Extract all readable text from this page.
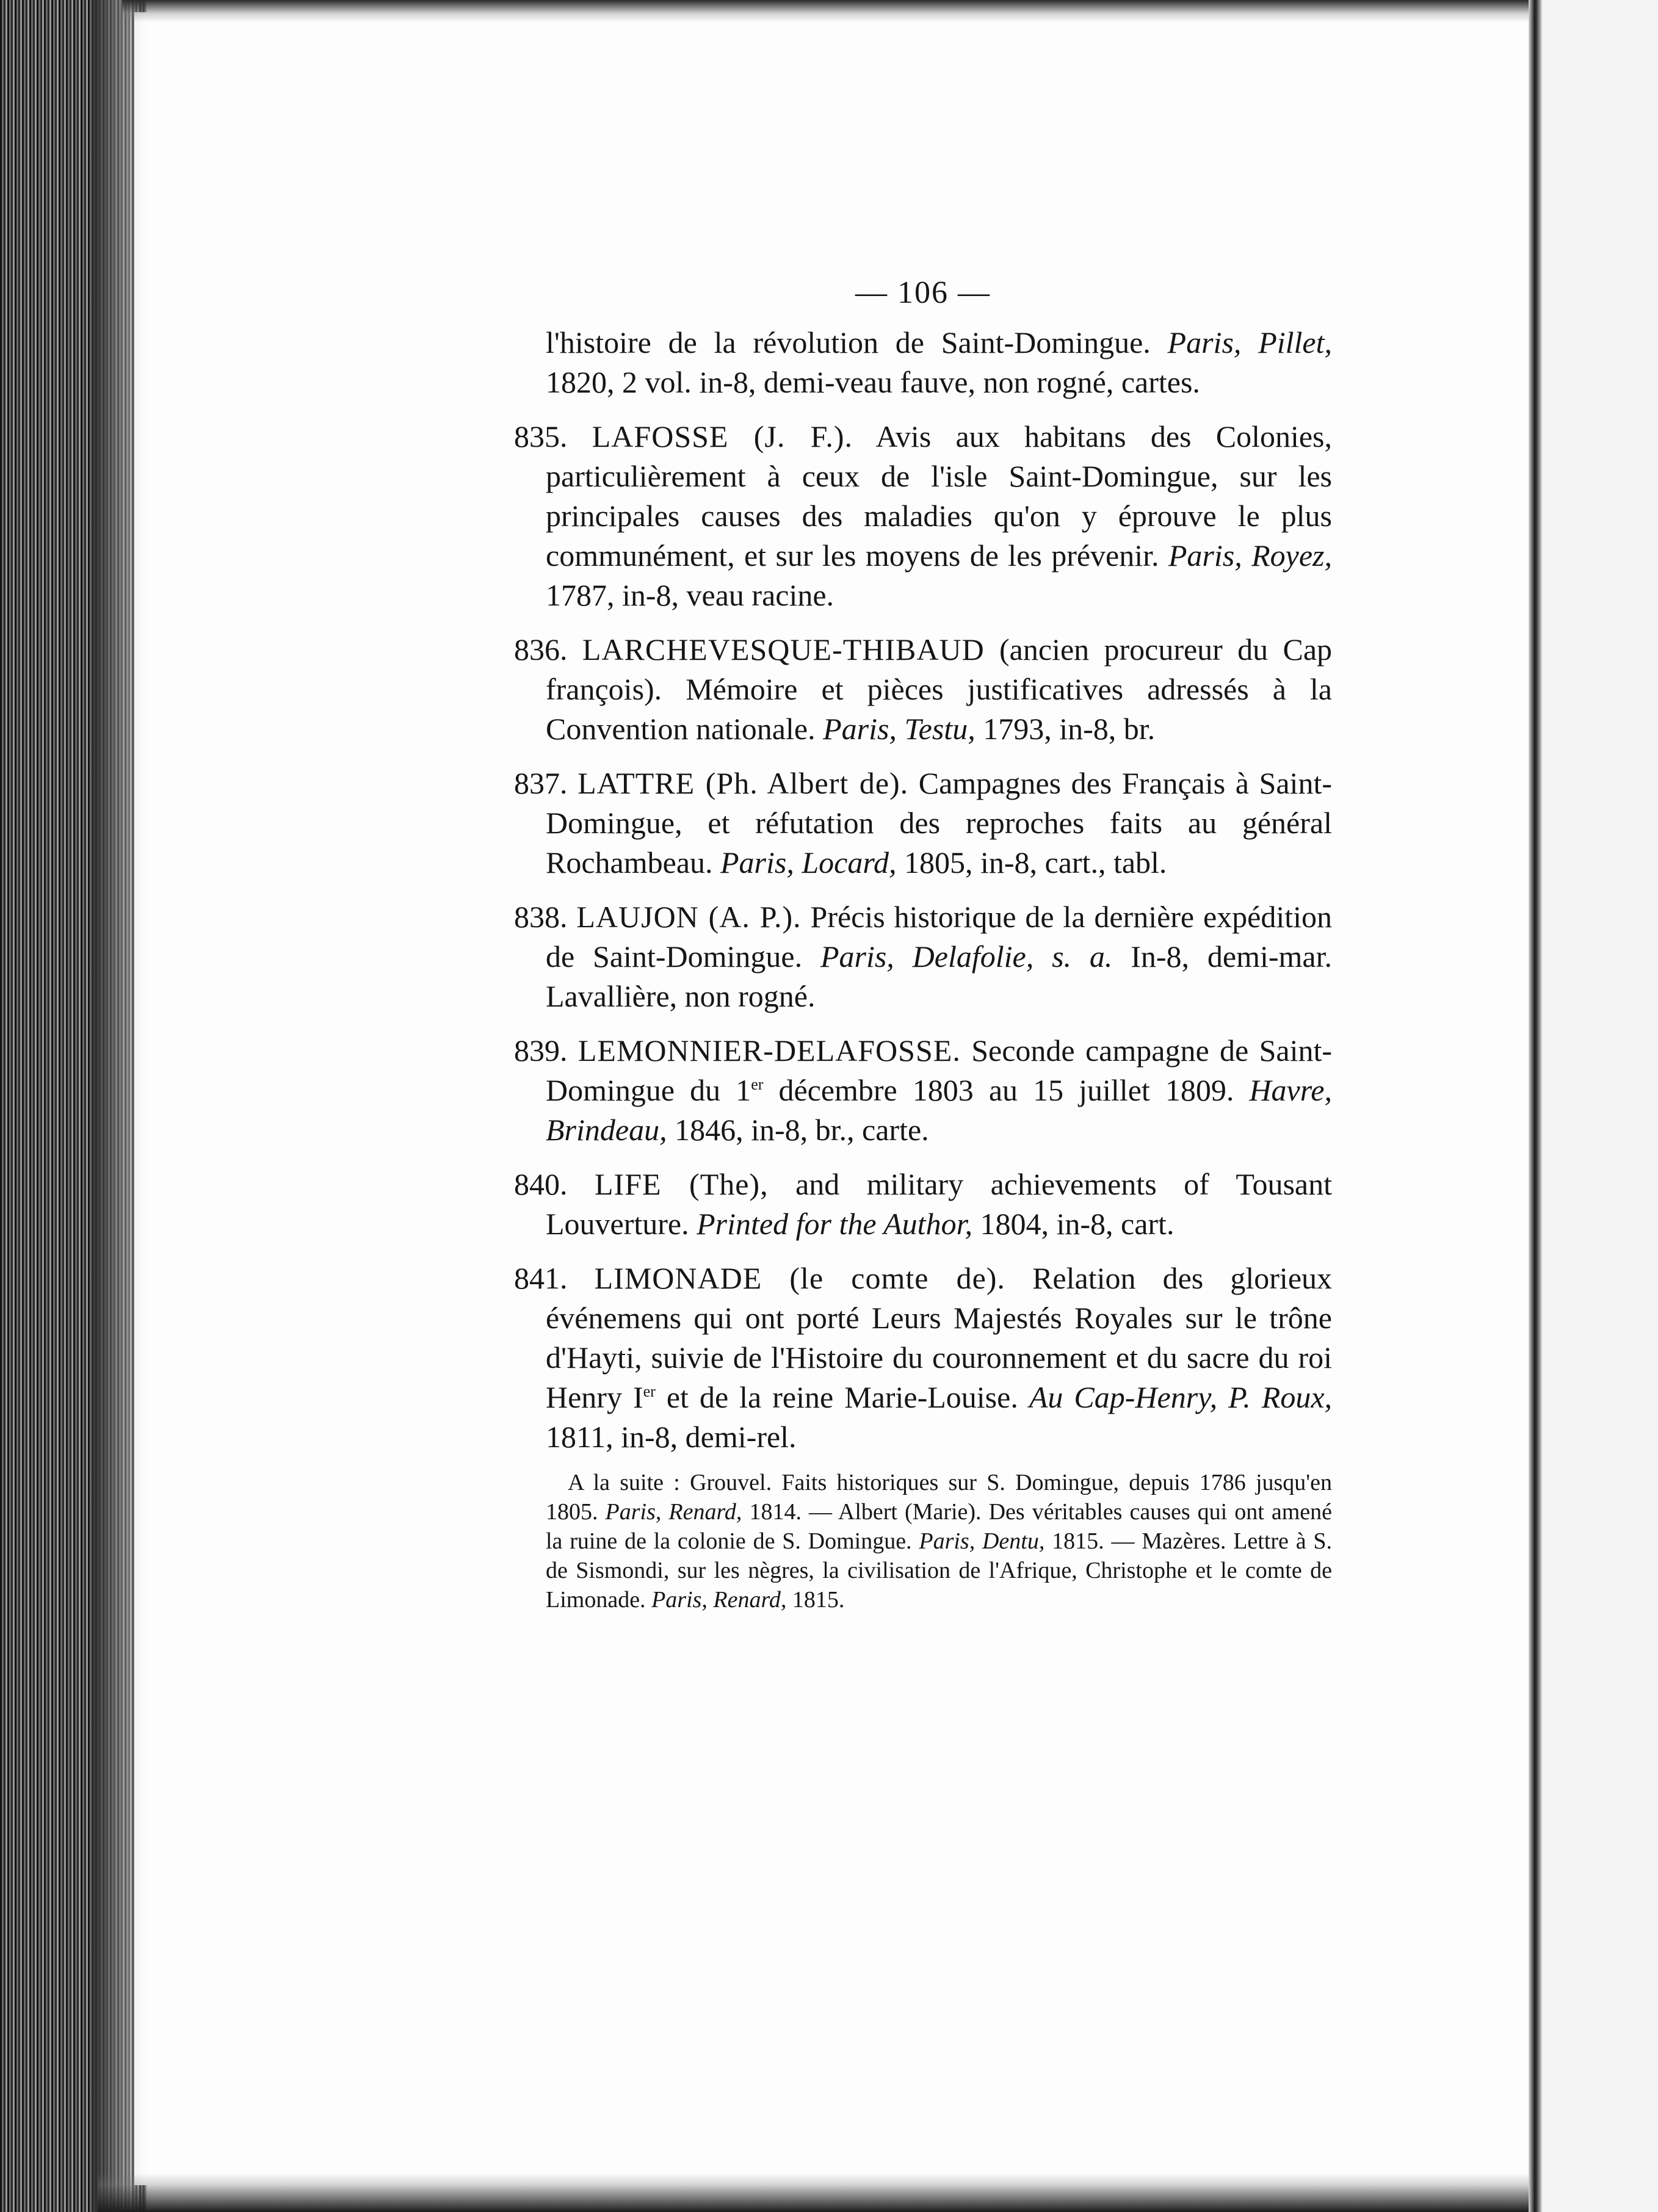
— 106 —

l'histoire de la révolution de Saint-Domingue. Paris, Pillet, 1820, 2 vol. in-8, demi-veau fauve, non rogné, cartes.

835. LAFOSSE (J. F.). Avis aux habitans des Colonies, particulièrement à ceux de l'isle Saint-Domingue, sur les principales causes des maladies qu'on y éprouve le plus communément, et sur les moyens de les prévenir. Paris, Royez, 1787, in-8, veau racine.

836. LARCHEVESQUE-THIBAUD (ancien procureur du Cap françois). Mémoire et pièces justificatives adressés à la Convention nationale. Paris, Testu, 1793, in-8, br.

837. LATTRE (Ph. Albert de). Campagnes des Français à Saint-Domingue, et réfutation des reproches faits au général Rochambeau. Paris, Locard, 1805, in-8, cart., tabl.

838. LAUJON (A. P.). Précis historique de la dernière expédition de Saint-Domingue. Paris, Delafolie, s. a. In-8, demi-mar. Lavallière, non rogné.

839. LEMONNIER-DELAFOSSE. Seconde campagne de Saint-Domingue du 1er décembre 1803 au 15 juillet 1809. Havre, Brindeau, 1846, in-8, br., carte.

840. LIFE (The), and military achievements of Tousant Louverture. Printed for the Author, 1804, in-8, cart.

841. LIMONADE (le comte de). Relation des glorieux événemens qui ont porté Leurs Majestés Royales sur le trône d'Hayti, suivie de l'Histoire du couronnement et du sacre du roi Henry Ier et de la reine Marie-Louise. Au Cap-Henry, P. Roux, 1811, in-8, demi-rel.

A la suite : Grouvel. Faits historiques sur S. Domingue, depuis 1786 jusqu'en 1805. Paris, Renard, 1814. — Albert (Marie). Des véritables causes qui ont amené la ruine de la colonie de S. Domingue. Paris, Dentu, 1815. — Mazères. Lettre à S. de Sismondi, sur les nègres, la civilisation de l'Afrique, Christophe et le comte de Limonade. Paris, Renard, 1815.
